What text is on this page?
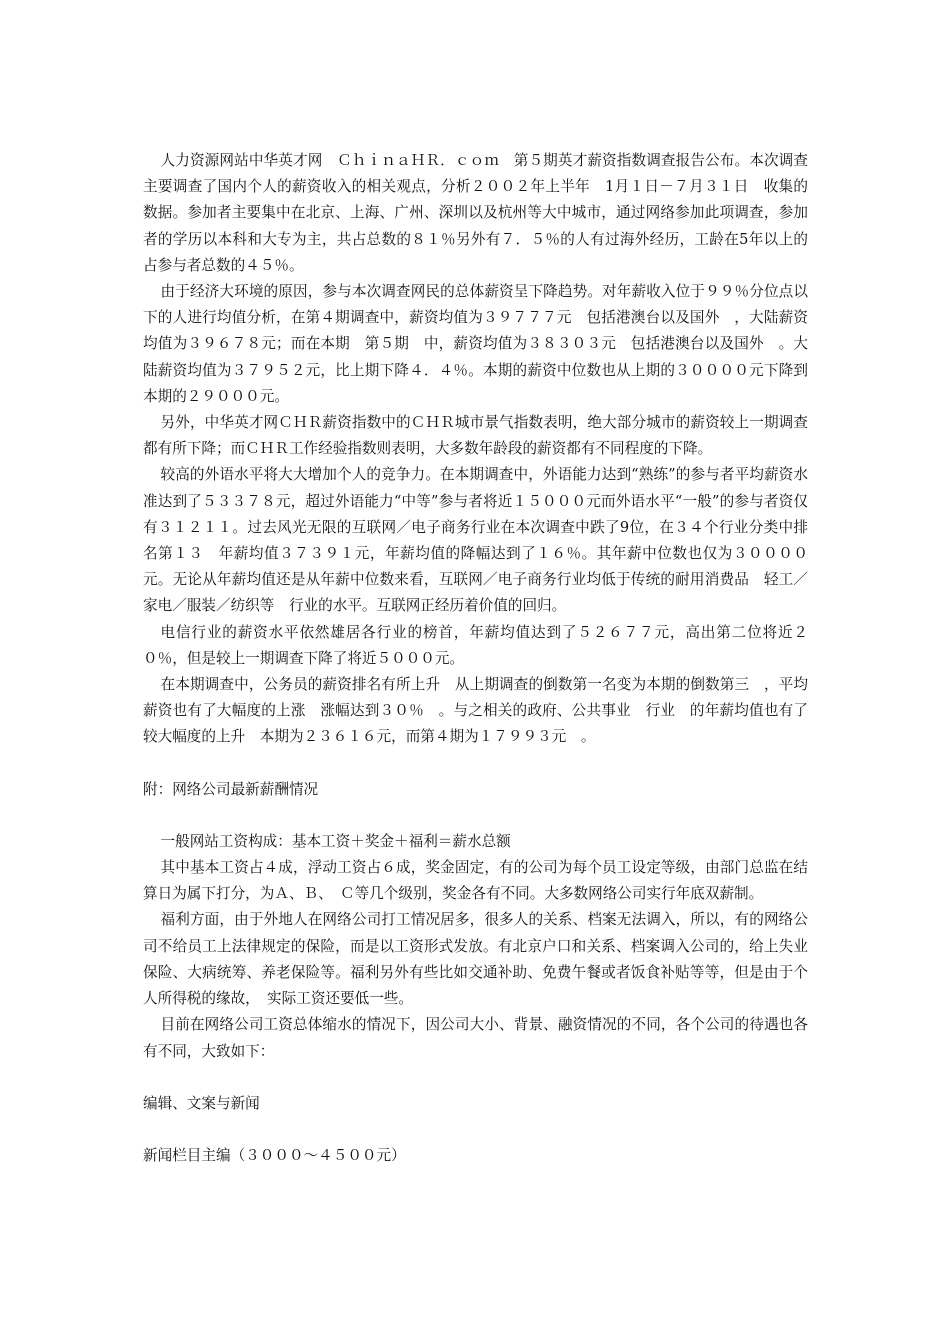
人力资源网站中华英才网　ＣｈｉｎａＨＲ．ｃｏｍ　第５期英才薪资指数调查报告公布。本次调查主要调查了国内个人的薪资收入的相关观点，分析２００２年上半年　1月１日－７月３１日　收集的数据。参加者主要集中在北京、上海、广州、深圳以及杭州等大中城市，通过网络参加此项调查，参加者的学历以本科和大专为主，共占总数的８１％另外有７．５％的人有过海外经历，工龄在5年以上的占参与者总数的４５％。

由于经济大环境的原因，参与本次调查网民的总体薪资呈下降趋势。对年薪收入位于９９％分位点以下的人进行均值分析，在第４期调查中，薪资均值为３９７７７元　包括港澳台以及国外　，大陆薪资均值为３９６７８元；而在本期　第５期　中，薪资均值为３８３０３元　包括港澳台以及国外　。大陆薪资均值为３７９５２元，比上期下降４．４％。本期的薪资中位数也从上期的３００００元下降到本期的２９０００元。

另外，中华英才网ＣＨＲ薪资指数中的ＣＨＲ城市景气指数表明，绝大部分城市的薪资较上一期调查都有所下降；而ＣＨＲ工作经验指数则表明，大多数年龄段的薪资都有不同程度的下降。

较高的外语水平将大大增加个人的竞争力。在本期调查中，外语能力达到“熟练”的参与者平均薪资水准达到了５３３７８元，超过外语能力“中等”参与者将近１５０００元而外语水平“一般”的参与者资仅有３１２１１。过去风光无限的互联网／电子商务行业在本次调查中跌了9位，在３４个行业分类中排名第１３　年薪均值３７３９１元，年薪均值的降幅达到了１６％。其年薪中位数也仅为３００００元。无论从年薪均值还是从年薪中位数来看，互联网／电子商务行业均低于传统的耐用消费品　轻工／家电／服装／纺织等　行业的水平。互联网正经历着价值的回归。

电信行业的薪资水平依然雄居各行业的榜首，年薪均值达到了５２６７７元，高出第二位将近２０％，但是较上一期调查下降了将近５０００元。

在本期调查中，公务员的薪资排名有所上升　从上期调查的倒数第一名变为本期的倒数第三　，平均薪资也有了大幅度的上涨　涨幅达到３０％　。与之相关的政府、公共事业　行业　的年薪均值也有了较大幅度的上升　本期为２３６１６元，而第４期为１７９９３元　。

附：网络公司最新薪酬情况

一般网站工资构成：基本工资＋奖金＋福利＝薪水总额

其中基本工资占４成，浮动工资占６成，奖金固定，有的公司为每个员工设定等级，由部门总监在结算日为属下打分，为Ａ、Ｂ、　Ｃ等几个级别，奖金各有不同。大多数网络公司实行年底双薪制。

福利方面，由于外地人在网络公司打工情况居多，很多人的关系、档案无法调入，所以，有的网络公司不给员工上法律规定的保险，而是以工资形式发放。有北京户口和关系、档案调入公司的，给上失业保险、大病统筹、养老保险等。福利另外有些比如交通补助、免费午餐或者饭食补贴等等，但是由于个人所得税的缘故，　实际工资还要低一些。

目前在网络公司工资总体缩水的情况下，因公司大小、背景、融资情况的不同，各个公司的待遇也各有不同，大致如下：

编辑、文案与新闻

新闻栏目主编（３０００～４５００元）
